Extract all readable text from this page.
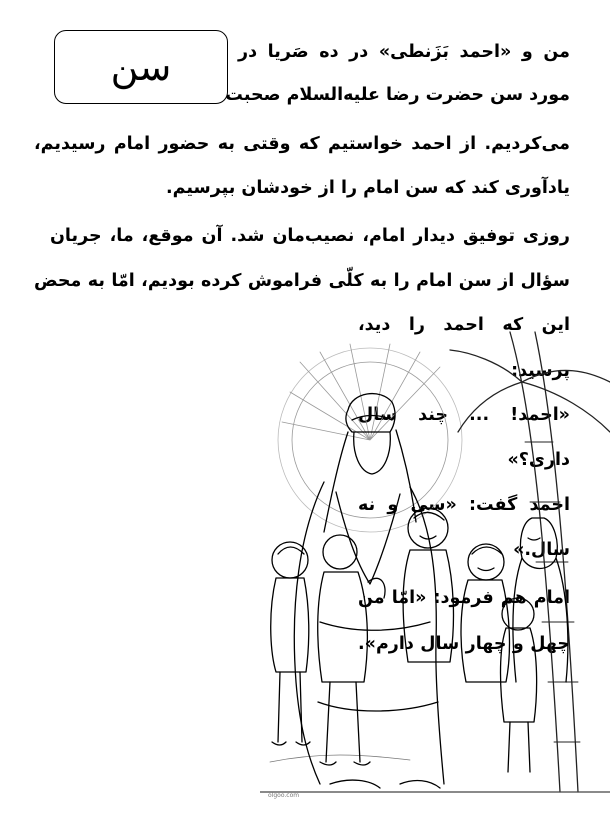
سن	من و «احمد بَزَنطی» در ده صَریا در
مورد سن حضرت رضا علیه‌السلام صحبت
می‌کردیم. از احمد خواستیم که وقتی به حضور امام رسیدیم،
یادآوری کند که سن امام را از خودشان بپرسیم.
روزی توفیق دیدار امام، نصیب‌مان شد. آن موقع، ما، جریان
سؤال از سن امام را به کلّی فراموش کرده بودیم، امّا به محض
این که احمد را دید،
پرسید:
«احمد! ... چند سال
داری؟»
احمد گفت: «سی و نه
سال.»
امام هم فرمود: «امّا من
چهل و چهار سال دارم».
olgoo.com
